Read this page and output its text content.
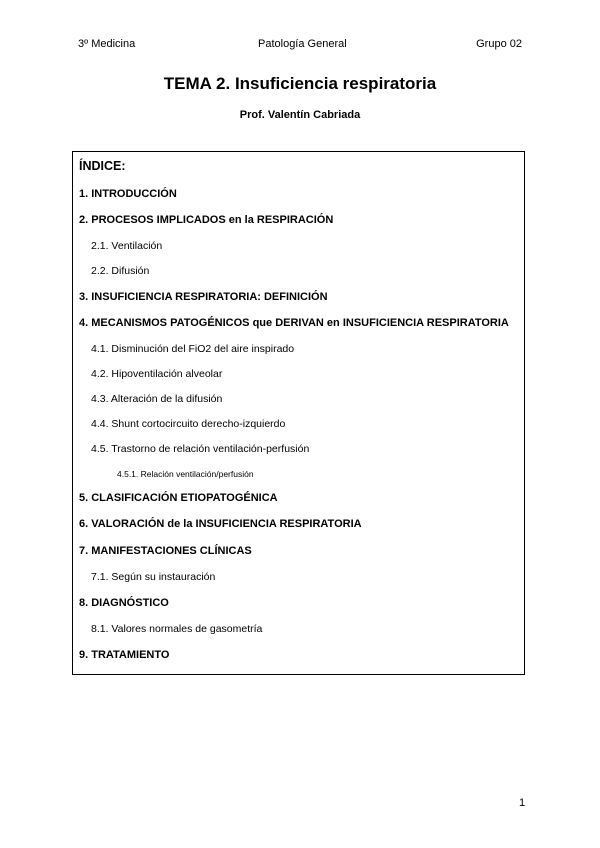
3º Medicina	Patología General	Grupo 02
TEMA 2. Insuficiencia respiratoria
Prof. Valentín Cabriada
ÍNDICE:
1. INTRODUCCIÓN
2. PROCESOS IMPLICADOS en la RESPIRACIÓN
2.1. Ventilación
2.2. Difusión
3. INSUFICIENCIA RESPIRATORIA: DEFINICIÓN
4. MECANISMOS PATOGÉNICOS que DERIVAN en INSUFICIENCIA RESPIRATORIA
4.1. Disminución del FiO2 del aire inspirado
4.2. Hipoventilación alveolar
4.3. Alteración de la difusión
4.4. Shunt cortocircuito derecho-izquierdo
4.5. Trastorno de relación ventilación-perfusión
4.5.1. Relación ventilación/perfusión
5. CLASIFICACIÓN ETIOPATOGÉNICA
6. VALORACIÓN de la INSUFICIENCIA RESPIRATORIA
7. MANIFESTACIONES CLÍNICAS
7.1. Según su instauración
8. DIAGNÓSTICO
8.1. Valores normales de gasometría
9. TRATAMIENTO
1
